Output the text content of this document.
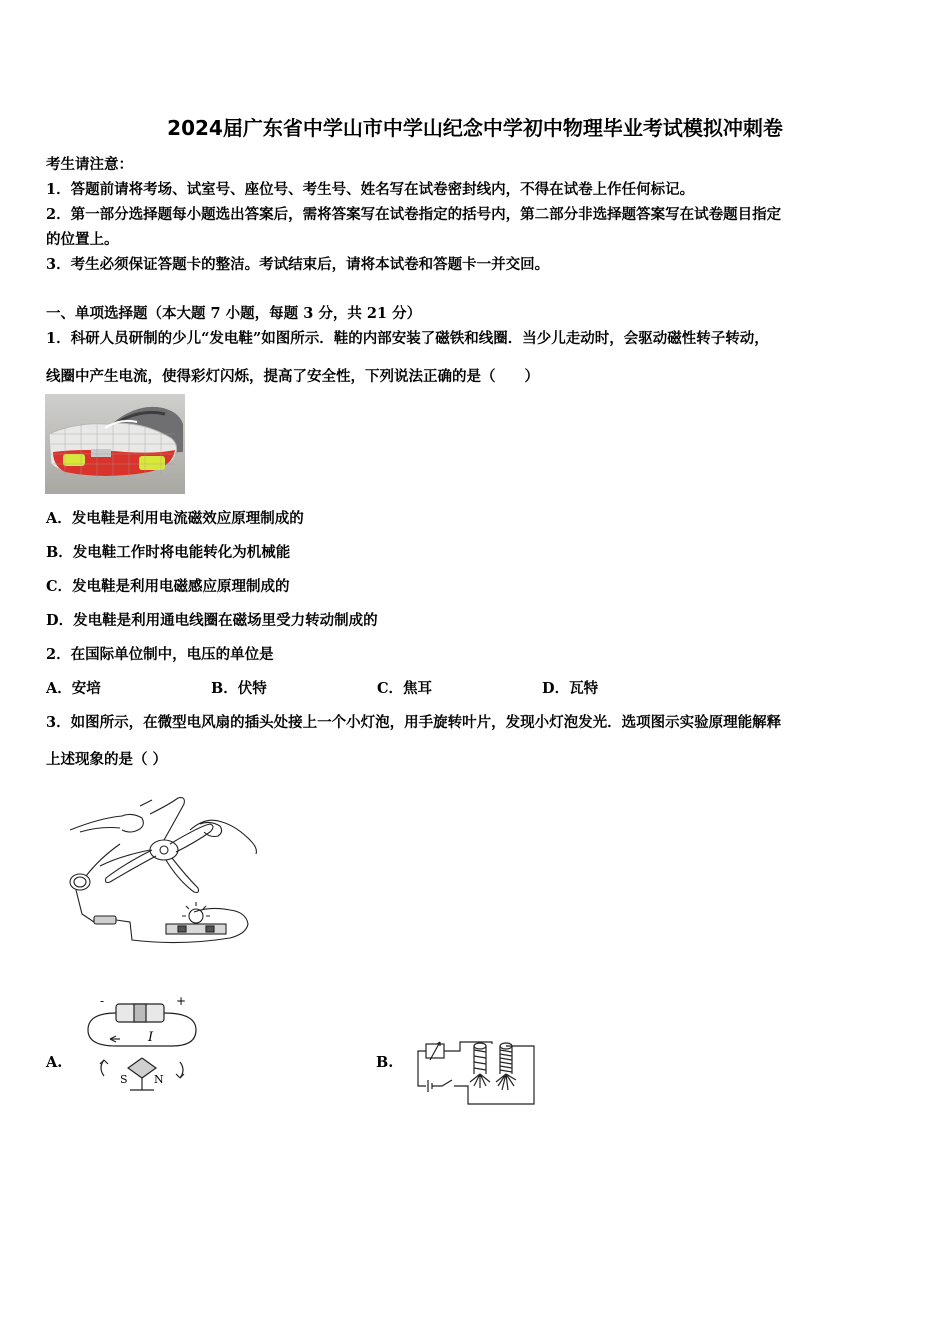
2024届广东省中学山市中学山纪念中学初中物理毕业考试模拟冲刺卷
考生请注意：
1．答题前请将考场、试室号、座位号、考生号、姓名写在试卷密封线内，不得在试卷上作任何标记。
2．第一部分选择题每小题选出答案后，需将答案写在试卷指定的括号内，第二部分非选择题答案写在试卷题目指定
的位置上。
3．考生必须保证答题卡的整洁。考试结束后，请将本试卷和答题卡一并交回。
一、单项选择题（本大题 7 小题，每题 3 分，共 21 分）
1．科研人员研制的少儿“发电鞋”如图所示．鞋的内部安装了磁铁和线圈．当少儿走动时，会驱动磁性转子转动，
线圈中产生电流，使得彩灯闪烁，提高了安全性，下列说法正确的是（　　）
A．发电鞋是利用电流磁效应原理制成的
B．发电鞋工作时将电能转化为机械能
C．发电鞋是利用电磁感应原理制成的
D．发电鞋是利用通电线圈在磁场里受力转动制成的
2．在国际单位制中，电压的单位是
A．安培	B．伏特	C．焦耳	D．瓦特
3．如图所示，在微型电风扇的插头处接上一个小灯泡，用手旋转叶片，发现小灯泡发光．选项图示实验原理能解释
上述现象的是（ ）
A.
-	+
I
S N
B.
